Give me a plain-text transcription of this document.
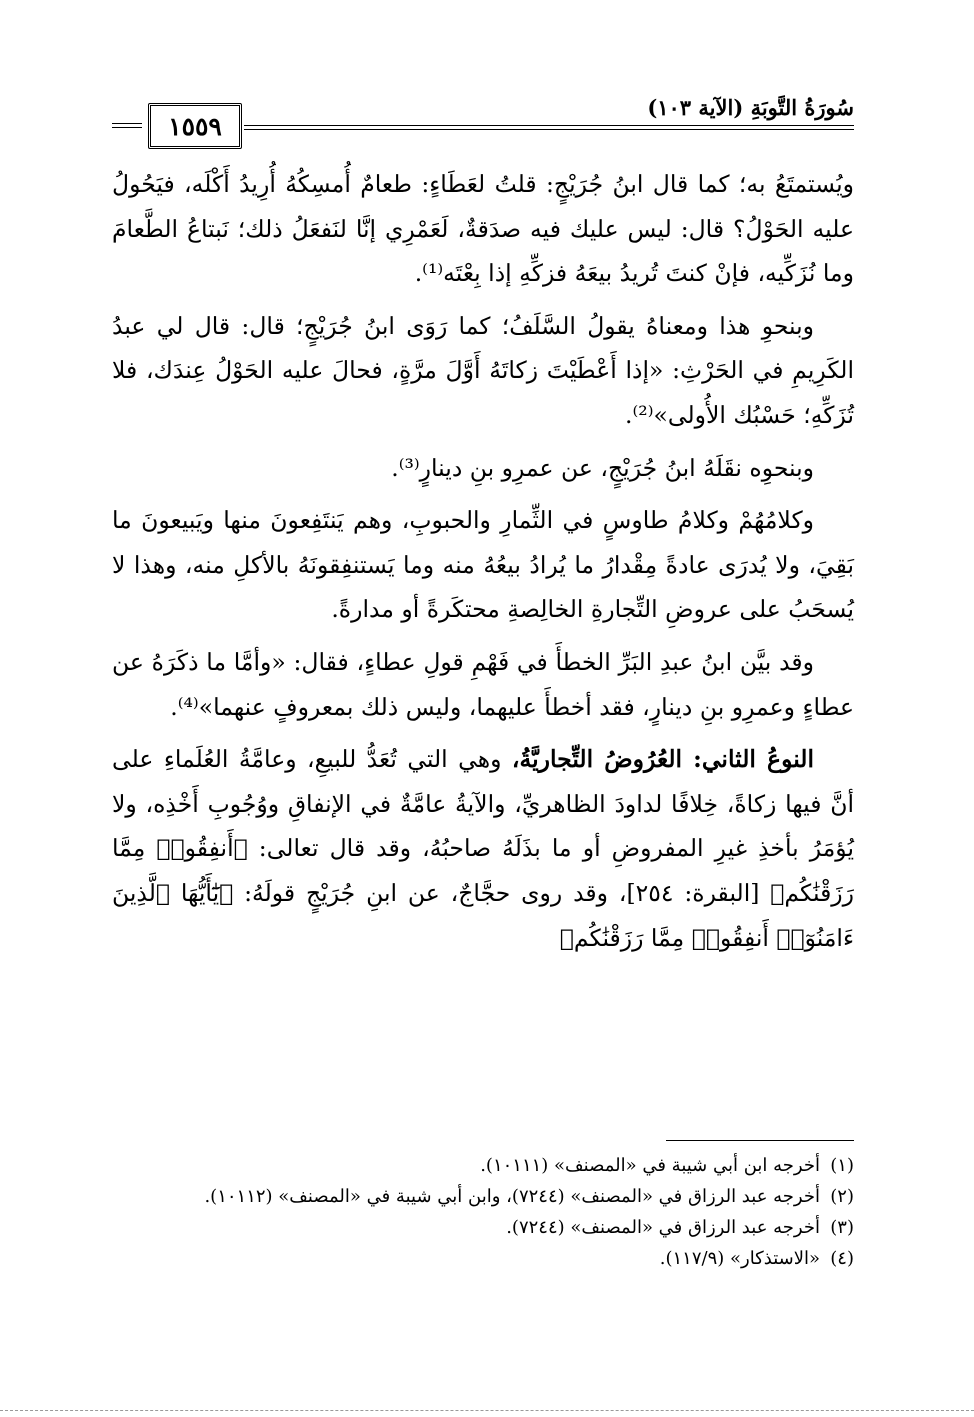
سُورَةُ التَّوبَةِ (الآية ١٠٣)
١٥٥٩

ويُستمتَعُ به؛ كما قال ابنُ جُرَيْجٍ: قلتُ لعَطَاءٍ: طعامٌ أُمسِكُهُ أُرِيدُ أَكْلَه، فيَحُولُ عليه الحَوْلُ؟ قال: ليس عليك فيه صدَقةٌ، لَعَمْرِي إنَّا لنَفعَلُ ذلك؛ نَبتاعُ الطَّعامَ وما نُزَكِّيه، فإنْ كنتَ تُريدُ بيعَهُ فزكِّهِ إذا بِعْتَه⁽¹⁾.

وبنحوِ هذا ومعناهُ يقولُ السَّلَفُ؛ كما رَوَى ابنُ جُرَيْجٍ؛ قال: قال لي عبدُ الكَرِيمِ في الحَرْثِ: «إذا أَعْطَيْتَ زكاتَهُ أَوَّلَ مرَّةٍ، فحالَ عليه الحَوْلُ عِندَك، فلا تُزَكِّهِ؛ حَسْبُك الأُولى»⁽²⁾.

وبنحوِه نقَلَهُ ابنُ جُرَيْجٍ، عن عمرِو بنِ دينارٍ⁽³⁾.

وكلامُهُمْ وكلامُ طاوسٍ في الثِّمارِ والحبوبِ، وهم يَنتَفِعونَ منها ويَبيعونَ ما بَقِيَ، ولا يُدرَى عادةً مِقْدارُ ما يُرادُ بيعُهُ منه وما يَستنفِقونَهُ بالأكلِ منه، وهذا لا يُسحَبُ على عروضِ التِّجارةِ الخالِصةِ محتكَرةً أو مدارةً.

وقد بيَّن ابنُ عبدِ البَرِّ الخطأَ في فَهْمِ قولِ عطاءٍ، فقال: «وأمَّا ما ذكَرَهُ عن عطاءٍ وعمرِو بنِ دينارٍ، فقد أخطأَ عليهما، وليس ذلك بمعروفٍ عنهما»⁽⁴⁾.

النوعُ الثاني: العُرُوضُ التِّجاريَّةُ، وهي التي تُعَدُّ للبيعِ، وعامَّةُ العُلَماءِ على أنَّ فيها زكاةً، خِلافًا لداودَ الظاهريِّ، والآيةُ عامَّةٌ في الإنفاقِ ووُجُوبِ أَخْذِه، ولا يُؤمَرُ بأخذِ غيرِ المفروضِ أو ما بذَلَهُ صاحبُهُ، وقد قال تعالى: ﴿أَنفِقُوا۟ مِمَّا رَزَقْنَٰكُم﴾ [البقرة: ٢٥٤]، وقد روى حجَّاجٌ، عن ابنِ جُرَيْجٍ قولَهُ: ﴿يَٰٓأَيُّهَا ٱلَّذِينَ ءَامَنُوٓا۟ أَنفِقُوا۟ مِمَّا رَزَقْنَٰكُم﴾

(١)
أخرجه ابن أبي شيبة في «المصنف» (١٠١١١).
(٢)
أخرجه عبد الرزاق في «المصنف» (٧٢٤٤)، وابن أبي شيبة في «المصنف» (١٠١١٢).
(٣)
أخرجه عبد الرزاق في «المصنف» (٧٢٤٤).
(٤)
«الاستذكار» (١١٧/٩).
